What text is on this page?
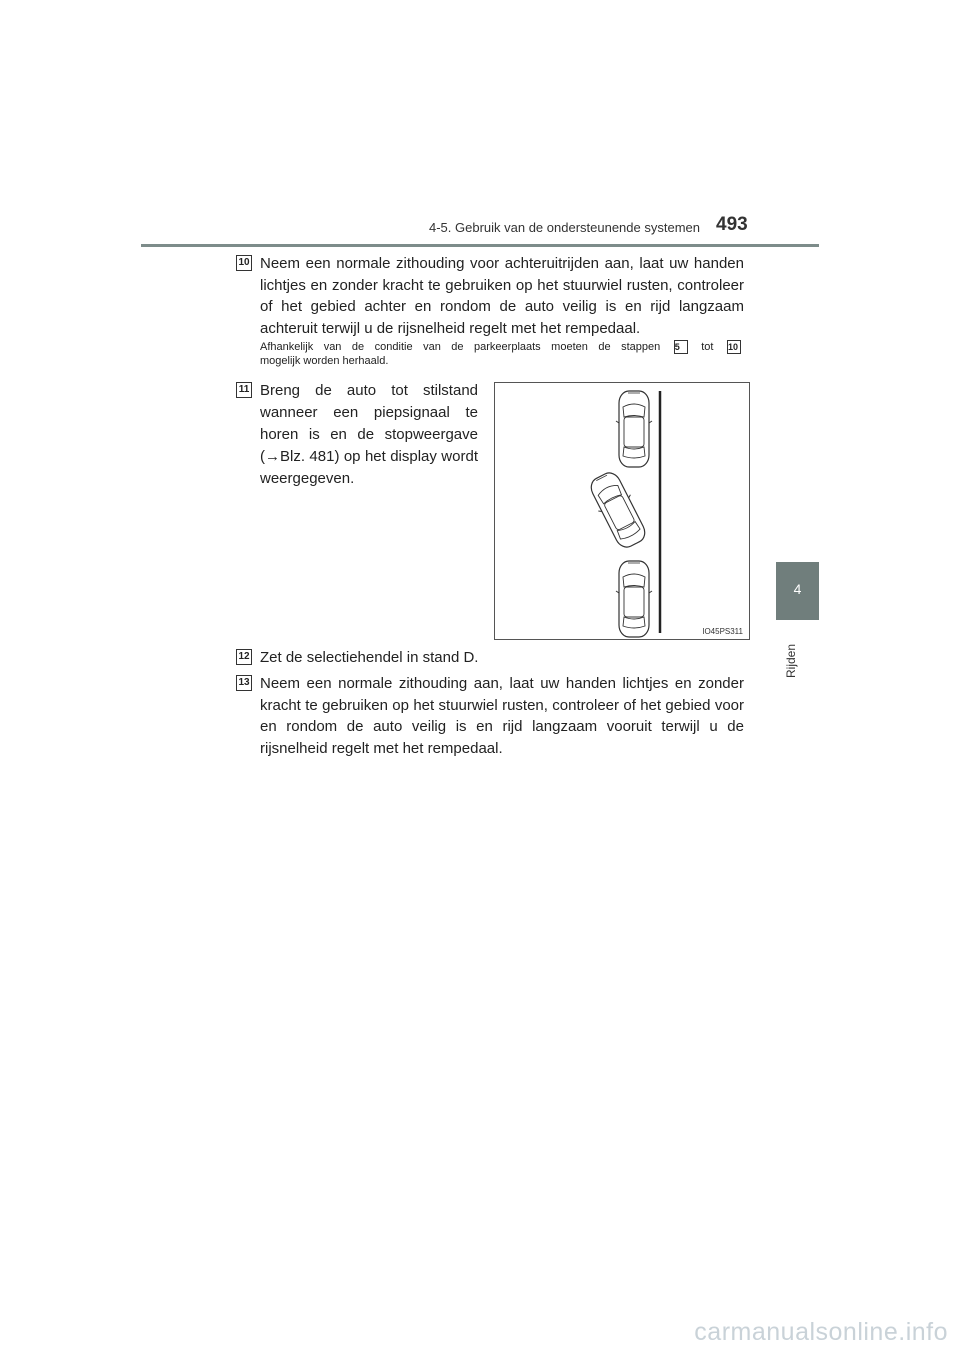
4-5. Gebruik van de ondersteunende systemen 493
4
Rijden
10 Neem een normale zithouding voor achteruitrijden aan, laat uw handen lichtjes en zonder kracht te gebruiken op het stuurwiel rusten, controleer of het gebied achter en rondom de auto veilig is en rijd langzaam achteruit terwijl u de rijsnelheid regelt met het rempedaal.
Afhankelijk van de conditie van de parkeerplaats moeten de stappen 5 tot 10
mogelijk worden herhaald.
11 Breng de auto tot stilstand wanneer een piepsignaal te horen is en de stopweergave (→Blz. 481) op het display wordt weergegeven.
IO45PS311
12 Zet de selectiehendel in stand D.
13 Neem een normale zithouding aan, laat uw handen lichtjes en zonder kracht te gebruiken op het stuurwiel rusten, controleer of het gebied voor en rondom de auto veilig is en rijd langzaam vooruit terwijl u de rijsnelheid regelt met het rempedaal.
carmanualsonline.info
